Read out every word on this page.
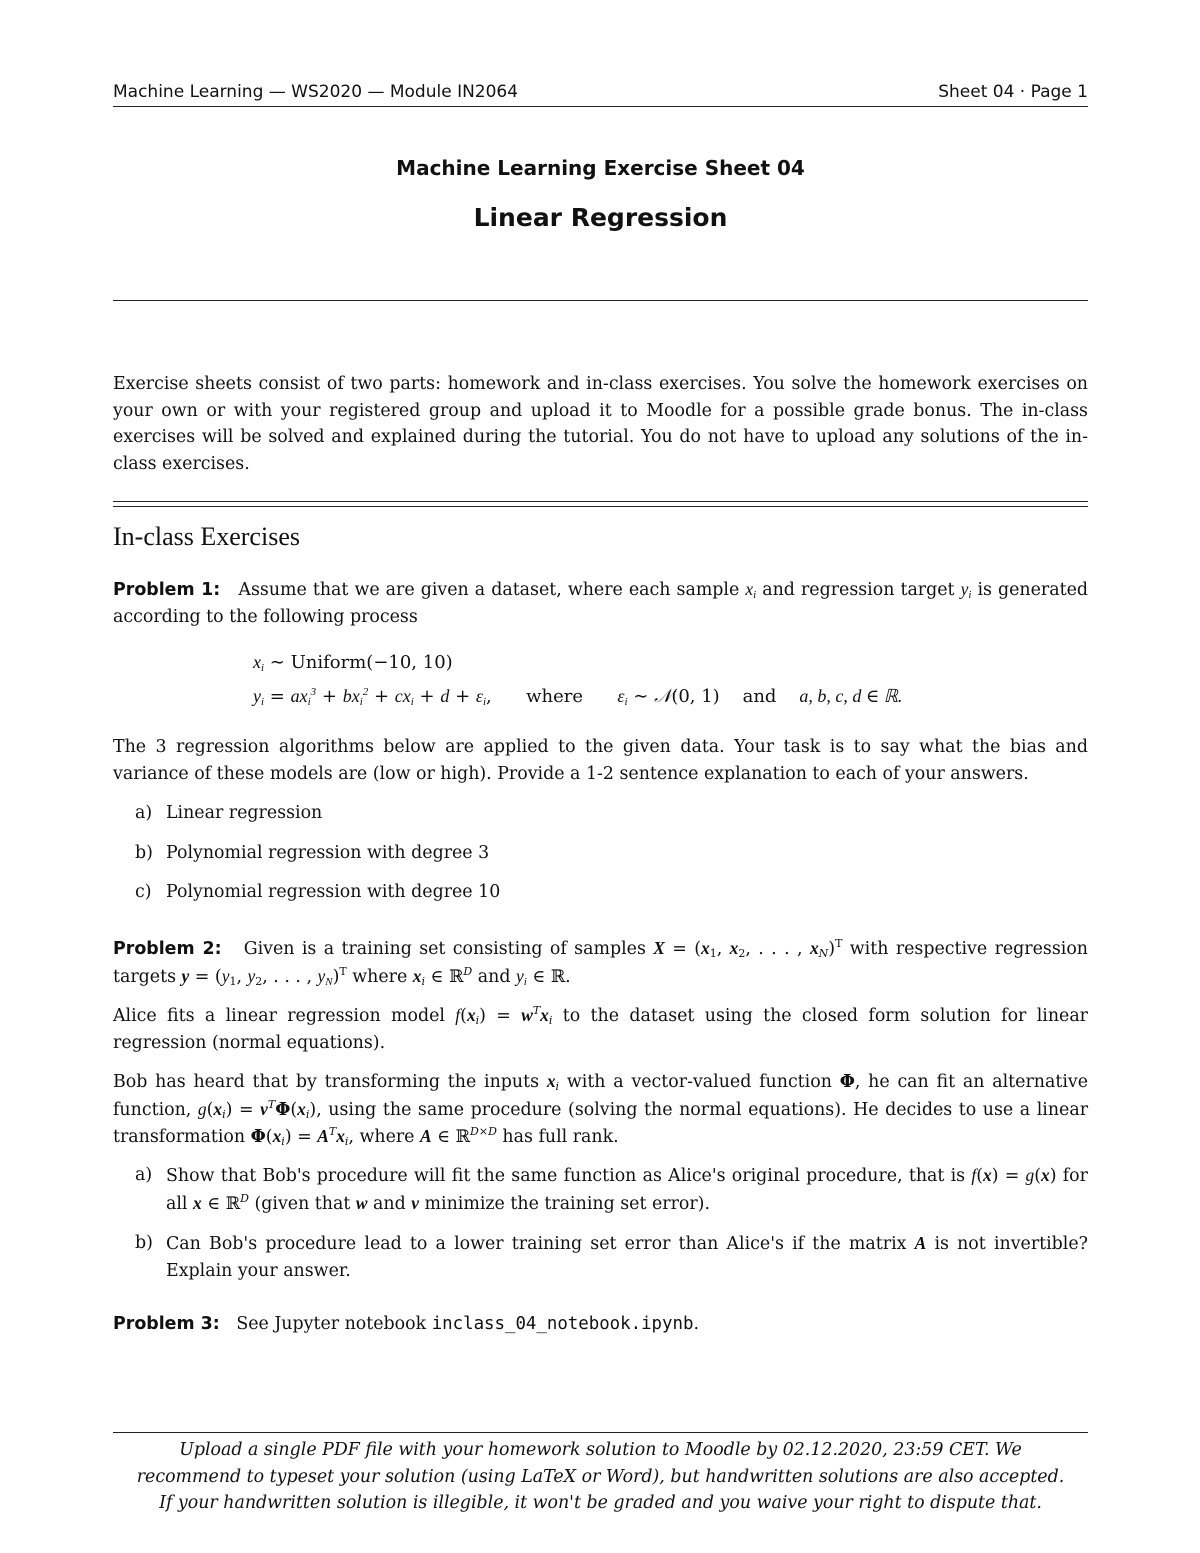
Machine Learning — WS2020 — Module IN2064	Sheet 04 · Page 1
Machine Learning Exercise Sheet 04
Linear Regression
Exercise sheets consist of two parts: homework and in-class exercises. You solve the homework exercises on your own or with your registered group and upload it to Moodle for a possible grade bonus. The in-class exercises will be solved and explained during the tutorial. You do not have to upload any solutions of the in-class exercises.
In-class Exercises
Problem 1: Assume that we are given a dataset, where each sample $x_i$ and regression target $y_i$ is generated according to the following process
$x_i$ ∼ Uniform(−10, 10)
$y_i = ax_i^3 + bx_i^2 + cx_i + d + \varepsilon_i$,      where $\varepsilon_i$ ∼ 𝒩(0, 1)    and a, b, c, d ∈ ℝ.
The 3 regression algorithms below are applied to the given data. Your task is to say what the bias and variance of these models are (low or high). Provide a 1-2 sentence explanation to each of your answers.
a) Linear regression
b) Polynomial regression with degree 3
c) Polynomial regression with degree 10
Problem 2: Given is a training set consisting of samples $X = (x_1$, $x_2$, . . . , $x_N)^T$ with respective regression targets $y = (y_1$, $y_2$, . . . , $y_N)^T$ where $x_i$ ∈ ℝ$^D$ and $y_i$ ∈ ℝ.
Alice fits a linear regression model $f(x_i) = w^Tx_i$ to the dataset using the closed form solution for linear regression (normal equations).
Bob has heard that by transforming the inputs $x_i$ with a vector-valued function Φ, he can fit an alternative function, $g(x_i) = v^T\Phi(x_i)$, using the same procedure (solving the normal equations). He decides to use a linear transformation $\Phi(x_i) = A^Tx_i$, where A ∈ ℝ$^{D\times D}$ has full rank.
a) Show that Bob's procedure will fit the same function as Alice's original procedure, that is f(x) = g(x) for all x ∈ ℝ$^D$ (given that w and v minimize the training set error).
b) Can Bob's procedure lead to a lower training set error than Alice's if the matrix A is not invertible? Explain your answer.
Problem 3: See Jupyter notebook inclass_04_notebook.ipynb.
Upload a single PDF file with your homework solution to Moodle by 02.12.2020, 23:59 CET. We
recommend to typeset your solution (using LaTeX or Word), but handwritten solutions are also accepted.
If your handwritten solution is illegible, it won't be graded and you waive your right to dispute that.
